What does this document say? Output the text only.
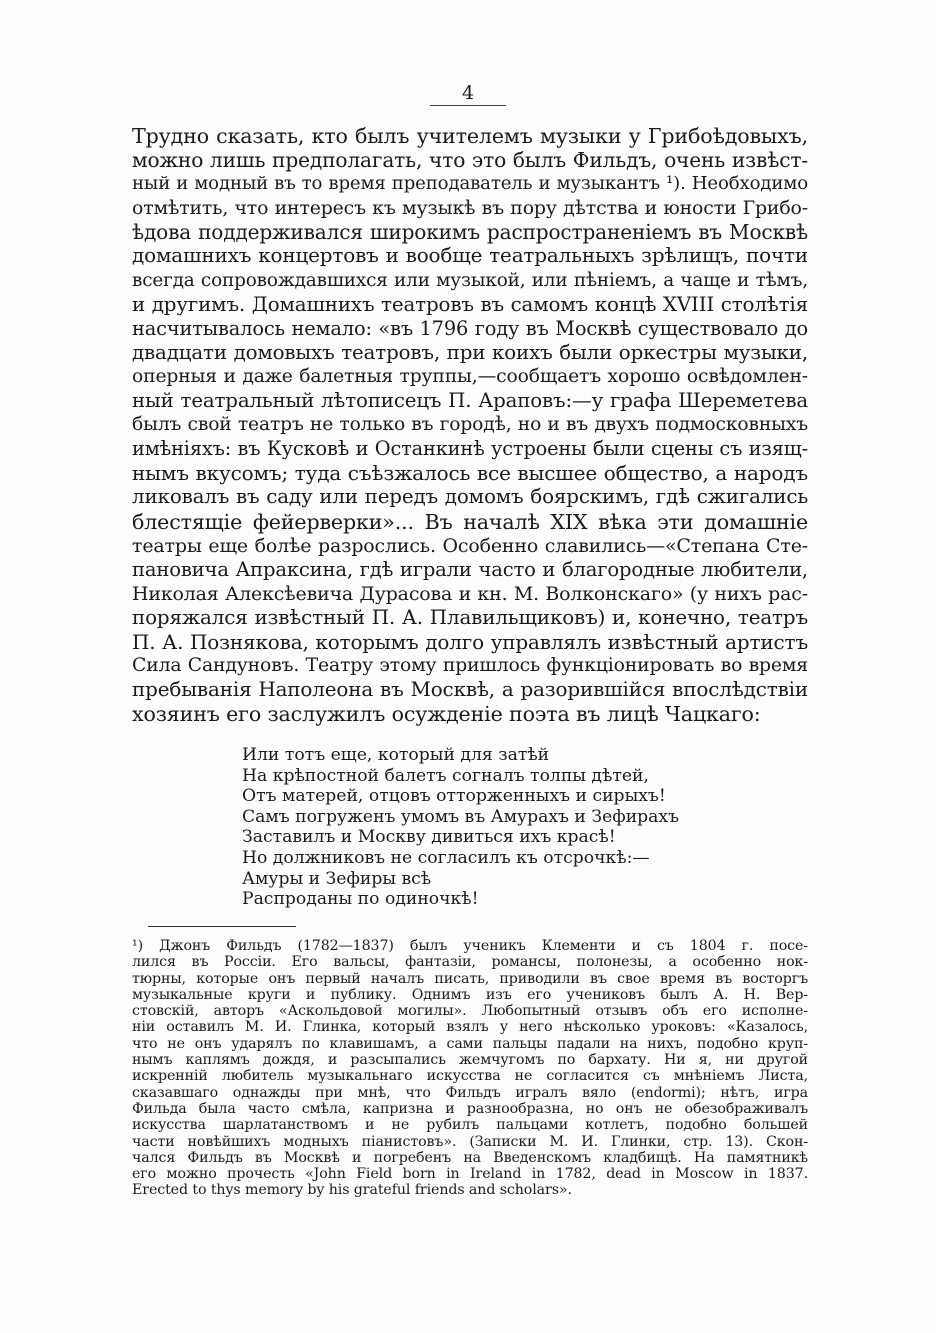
4
Трудно сказать, кто былъ учителемъ музыки у Грибоѣдовыхъ,
можно лишь предполагать, что это былъ Фильдъ, очень извѣст-
ный и модный въ то время преподаватель и музыкантъ ¹). Необходимо
отмѣтить, что интересъ къ музыкѣ въ пору дѣтства и юности Грибо-
ѣдова поддерживался широкимъ распространенiемъ въ Москвѣ
домашнихъ концертовъ и вообще театральныхъ зрѣлищъ, почти
всегда сопровождавшихся или музыкой, или пѣнiемъ, а чаще и тѣмъ,
и другимъ. Домашнихъ театровъ въ самомъ концѣ XVIII столѣтiя
насчитывалось немало: «въ 1796 году въ Москвѣ существовало до
двадцати домовыхъ театровъ, при коихъ были оркестры музыки,
оперныя и даже балетныя труппы,—сообщаетъ хорошо освѣдомлен-
ный театральный лѣтописецъ П. Араповъ:—у графа Шереметева
былъ свой театръ не только въ городѣ, но и въ двухъ подмосковныхъ
имѣнiяхъ: въ Кусковѣ и Останкинѣ устроены были сцены съ изящ-
нымъ вкусомъ; туда съѣзжалось все высшее общество, а народъ
ликовалъ въ саду или передъ домомъ боярскимъ, гдѣ сжигались
блестящiе фейерверки»... Въ началѣ XIX вѣка эти домашнiе
театры еще болѣе разрослись. Особенно славились—«Степана Сте-
пановича Апраксина, гдѣ играли часто и благородные любители,
Николая Алексѣевича Дурасова и кн. М. Волконскаго» (у нихъ рас-
поряжался извѣстный П. А. Плавильщиковъ) и, конечно, театръ
П. А. Познякова, которымъ долго управлялъ извѣстный артистъ
Сила Сандуновъ. Театру этому пришлось функцiонировать во время
пребыванiя Наполеона въ Москвѣ, а разорившiйся впослѣдствiи
хозяинъ его заслужилъ осужденiе поэта въ лицѣ Чацкаго:
Или тотъ еще, который для затѣй
На крѣпостной балетъ согналъ толпы дѣтей,
Отъ матерей, отцовъ отторженныхъ и сирыхъ!
Самъ погруженъ умомъ въ Амурахъ и Зефирахъ
Заставилъ и Москву дивиться ихъ красѣ!
Но должниковъ не согласилъ къ отсрочкѣ:—
Амуры и Зефиры всѣ
Распроданы по одиночкѣ!
¹) Джонъ Фильдъ (1782—1837) былъ ученикъ Клементи и съ 1804 г. посе-
лился въ Россiи. Его вальсы, фантазiи, романсы, полонезы, а особенно нок-
тюрны, которые онъ первый началъ писать, приводили въ свое время въ восторгъ
музыкальные круги и публику. Однимъ изъ его учениковъ былъ А. Н. Вер-
стовскiй, авторъ «Аскольдовой могилы». Любопытный отзывъ объ его исполне-
нiи оставилъ М. И. Глинка, который взялъ у него нѣсколько уроковъ: «Казалось,
что не онъ ударялъ по клавишамъ, а сами пальцы падали на нихъ, подобно круп-
нымъ каплямъ дождя, и разсыпались жемчугомъ по бархату. Ни я, ни другой
искреннiй любитель музыкальнаго искусства не согласится съ мнѣнiемъ Листа,
сказавшаго однажды при мнѣ, что Фильдъ игралъ вяло (endormi); нѣтъ, игра
Фильда была часто смѣла, капризна и разнообразна, но онъ не обезображивалъ
искусства шарлатанствомъ и не рубилъ пальцами котлетъ, подобно большей
части новѣйшихъ модныхъ пiанистовъ». (Записки М. И. Глинки, стр. 13). Скон-
чался Фильдъ въ Москвѣ и погребенъ на Введенскомъ кладбищѣ. На памятникѣ
его можно прочесть «John Field born in Ireland in 1782, dead in Moscow in 1837.
Erected to thys memory by his grateful friends and scholars».
